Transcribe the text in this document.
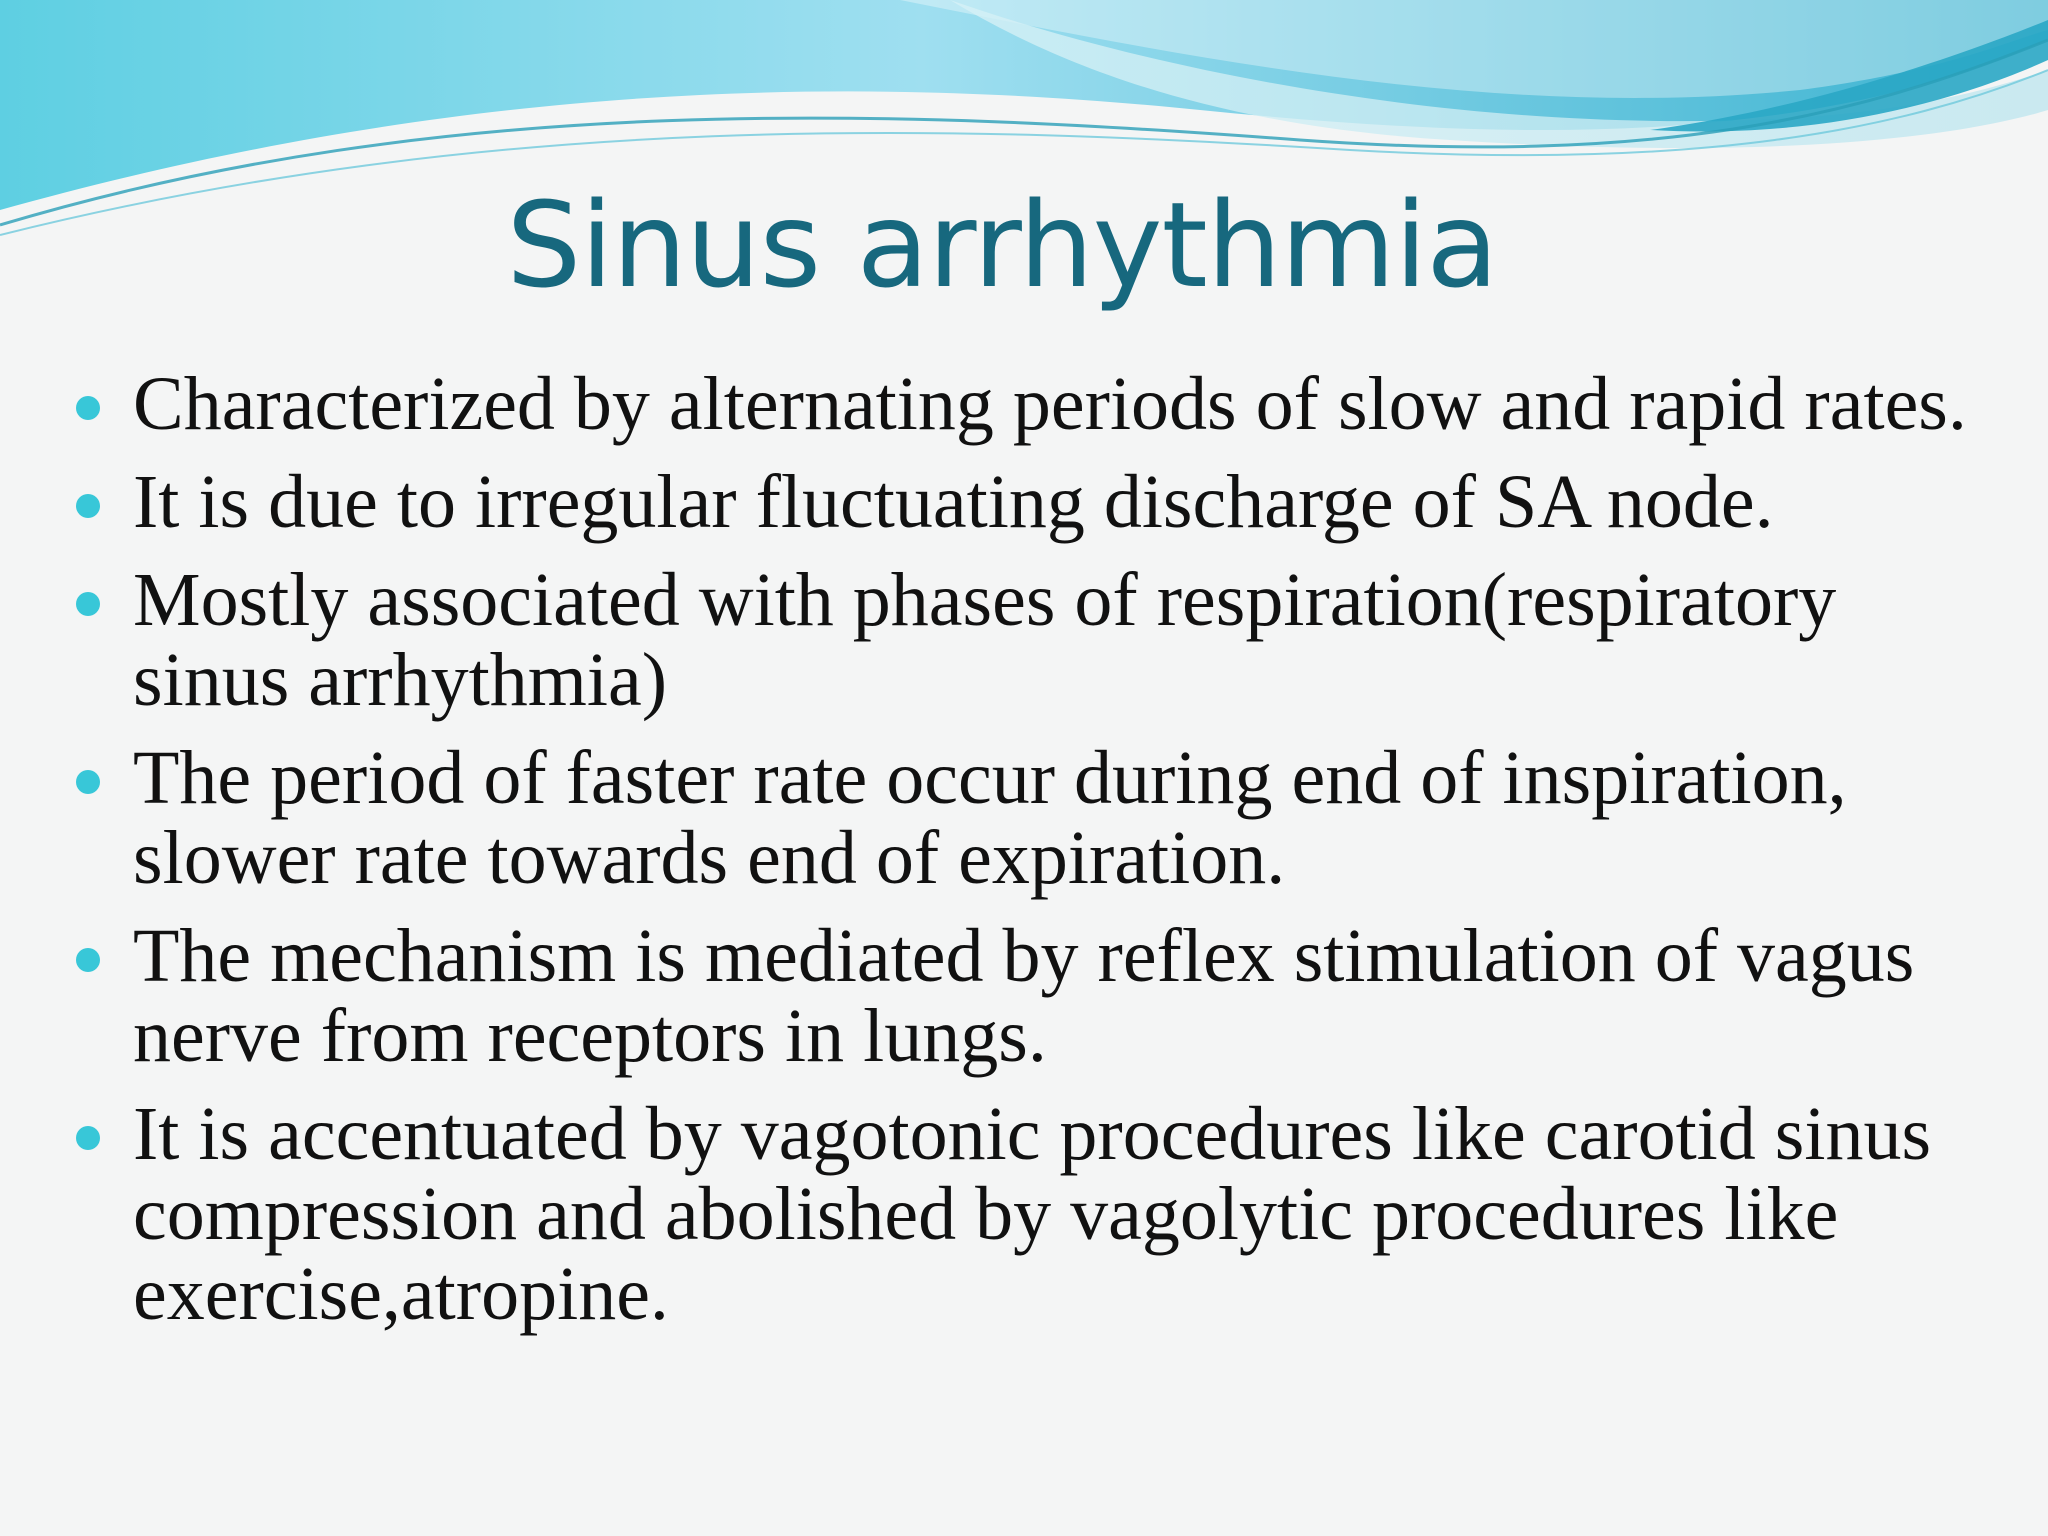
Sinus arrhythmia
Characterized by alternating periods of slow and rapid rates.
It is due to irregular fluctuating discharge of SA node.
Mostly associated with phases of respiration(respiratory sinus arrhythmia)
The period of faster rate occur during end of inspiration, slower rate towards end of expiration.
The mechanism is mediated by reflex stimulation of vagus nerve from receptors in lungs.
It is accentuated by vagotonic procedures like carotid sinus compression and abolished by vagolytic procedures like exercise,atropine.
